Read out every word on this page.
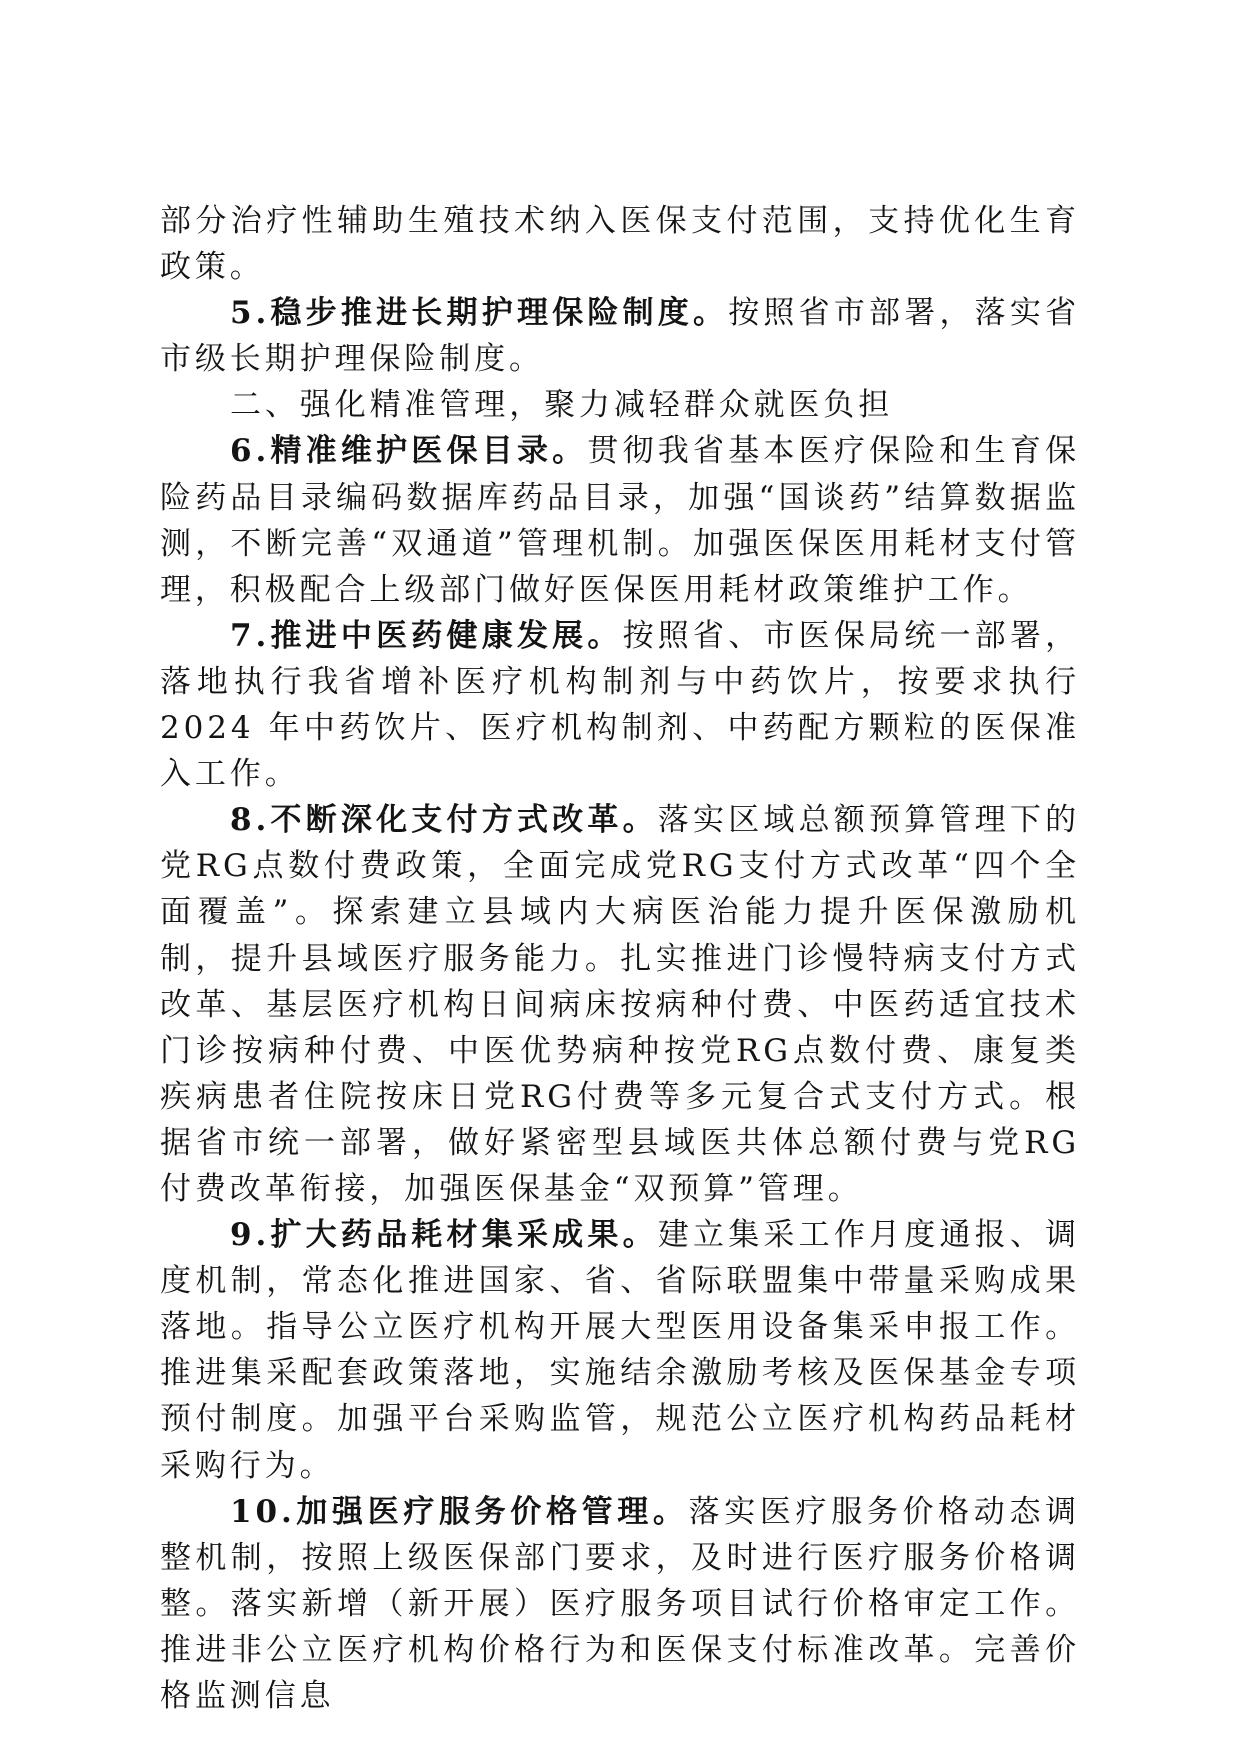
部分治疗性辅助生殖技术纳入医保支付范围，支持优化生育政策。

5.稳步推进长期护理保险制度。按照省市部署，落实省市级长期护理保险制度。

二、强化精准管理，聚力减轻群众就医负担

6.精准维护医保目录。贯彻我省基本医疗保险和生育保险药品目录编码数据库药品目录，加强“国谈药”结算数据监测，不断完善“双通道”管理机制。加强医保医用耗材支付管理，积极配合上级部门做好医保医用耗材政策维护工作。

7.推进中医药健康发展。按照省、市医保局统一部署，落地执行我省增补医疗机构制剂与中药饮片，按要求执行 2024 年中药饮片、医疗机构制剂、中药配方颗粒的医保准入工作。

8.不断深化支付方式改革。落实区域总额预算管理下的党RG点数付费政策，全面完成党RG支付方式改革“四个全面覆盖”。探索建立县域内大病医治能力提升医保激励机制，提升县域医疗服务能力。扎实推进门诊慢特病支付方式改革、基层医疗机构日间病床按病种付费、中医药适宜技术门诊按病种付费、中医优势病种按党RG点数付费、康复类疾病患者住院按床日党RG付费等多元复合式支付方式。根据省市统一部署，做好紧密型县域医共体总额付费与党RG付费改革衔接，加强医保基金“双预算”管理。

9.扩大药品耗材集采成果。建立集采工作月度通报、调度机制，常态化推进国家、省、省际联盟集中带量采购成果落地。指导公立医疗机构开展大型医用设备集采申报工作。推进集采配套政策落地，实施结余激励考核及医保基金专项预付制度。加强平台采购监管，规范公立医疗机构药品耗材采购行为。

10.加强医疗服务价格管理。落实医疗服务价格动态调整机制，按照上级医保部门要求，及时进行医疗服务价格调整。落实新增（新开展）医疗服务项目试行价格审定工作。推进非公立医疗机构价格行为和医保支付标准改革。完善价格监测信息
